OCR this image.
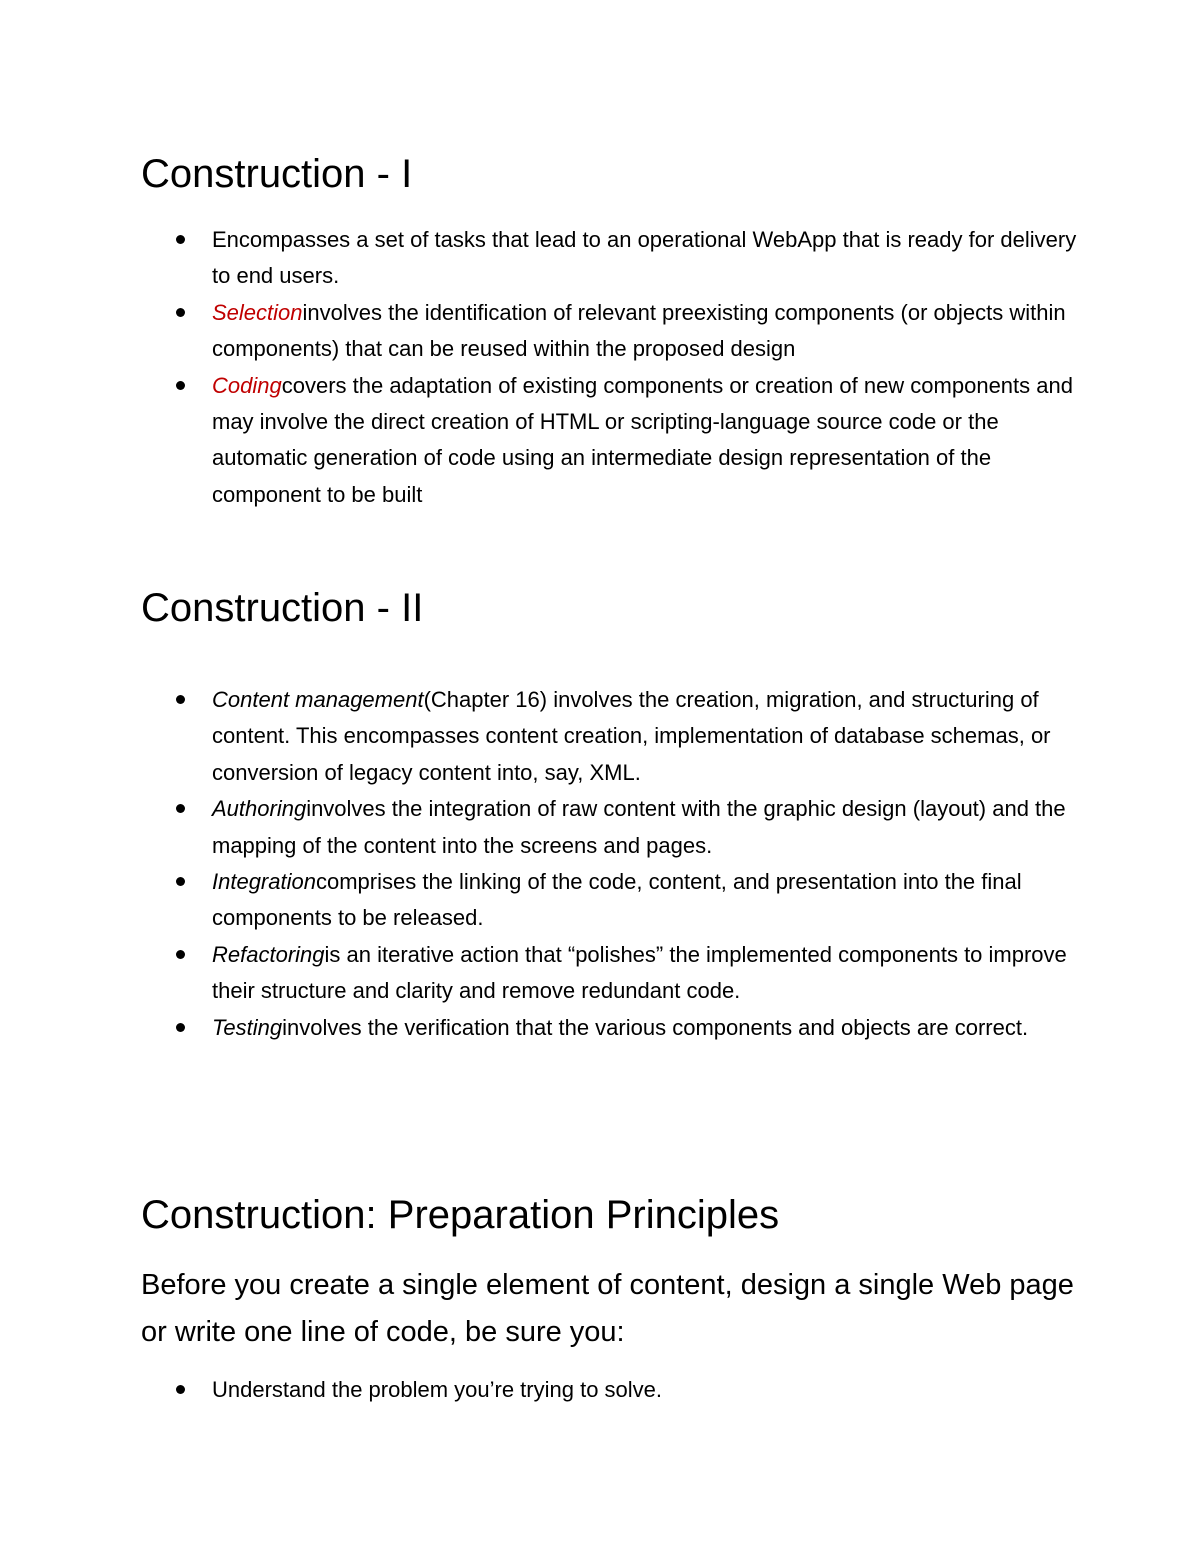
Construction - I
Encompasses a set of tasks that lead to an operational WebApp that is ready for delivery to end users.
Selectioninvolves the identification of relevant preexisting components (or objects within components) that can be reused within the proposed design
Codingcovers the adaptation of existing components or creation of new components and may involve the direct creation of HTML or scripting-language source code or the automatic generation of code using an intermediate design representation of the component to be built
Construction - II
Content management(Chapter 16) involves the creation, migration, and structuring of content. This encompasses content creation, implementation of database schemas, or conversion of legacy content into, say, XML.
Authoringinvolves the integration of raw content with the graphic design (layout) and the mapping of the content into the screens and pages.
Integrationcomprises the linking of the code, content, and presentation into the final components to be released.
Refactoringis an iterative action that “polishes” the implemented components to improve their structure and clarity and remove redundant code.
Testinginvolves the verification that the various components and objects are correct.
Construction: Preparation Principles

Before you create a single element of content, design a single Web page or write one line of code, be sure you:

Understand the problem you’re trying to solve.
